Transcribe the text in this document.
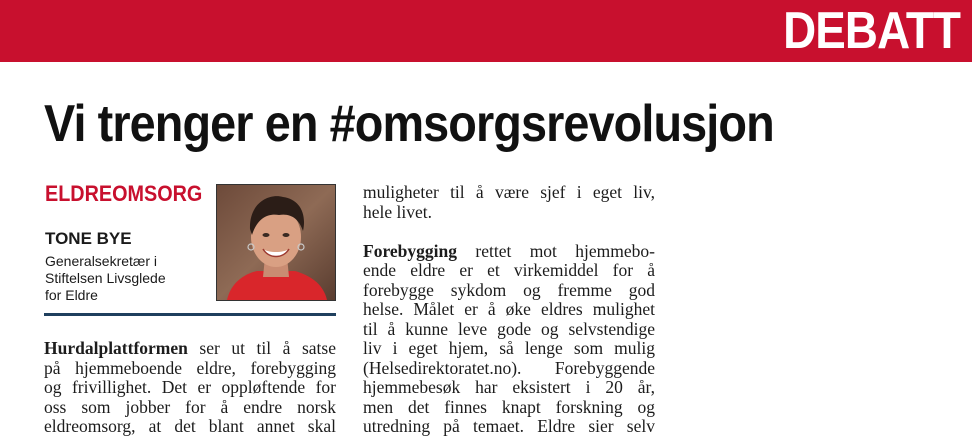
DEBATT
Vi trenger en #omsorgsrevolusjon
ELDREOMSORG
TONE BYE
Generalsekretær i
Stiftelsen Livsglede
for Eldre
Hurdalplattformen ser ut til å satse
på hjemmeboende eldre, forebygging
og frivillighet. Det er oppløftende for
oss som jobber for å endre norsk
eldreomsorg, at det blant annet skal
muligheter til å være sjef i eget liv,
hele livet.
Forebygging rettet mot hjemmebo-
ende eldre er et virkemiddel for å
forebygge sykdom og fremme god
helse. Målet er å øke eldres mulighet
til å kunne leve gode og selvstendige
liv i eget hjem, så lenge som mulig
(Helsedirektoratet.no). Forebyggende
hjemmebesøk har eksistert i 20 år,
men det finnes knapt forskning og
utredning på temaet. Eldre sier selv
